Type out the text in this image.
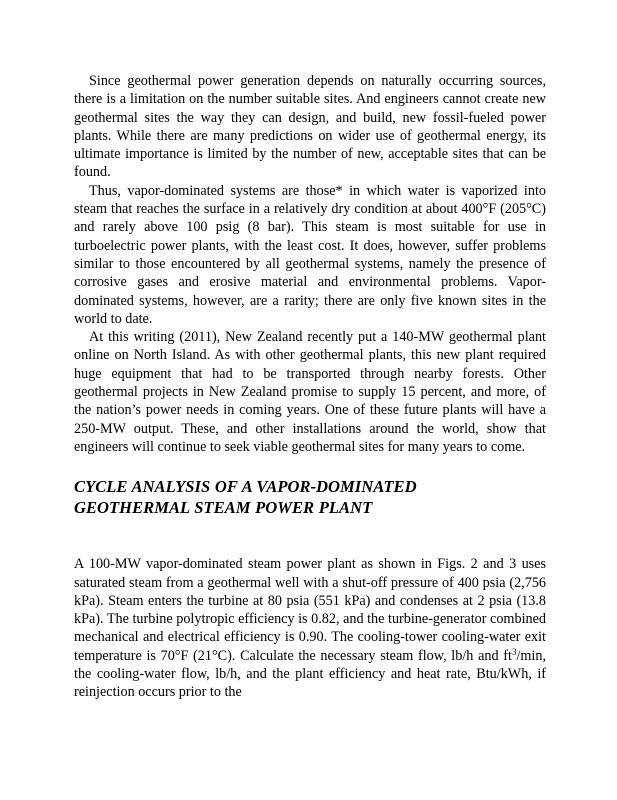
Since geothermal power generation depends on naturally occurring sources, there is a limitation on the number suitable sites. And engineers cannot create new geothermal sites the way they can design, and build, new fossil-fueled power plants. While there are many predictions on wider use of geothermal energy, its ultimate importance is limited by the number of new, acceptable sites that can be found.

Thus, vapor-dominated systems are those* in which water is vaporized into steam that reaches the surface in a relatively dry condition at about 400°F (205°C) and rarely above 100 psig (8 bar). This steam is most suitable for use in turboelectric power plants, with the least cost. It does, however, suffer problems similar to those encountered by all geothermal systems, namely the presence of corrosive gases and erosive material and environmental problems. Vapor-dominated systems, however, are a rarity; there are only five known sites in the world to date.

At this writing (2011), New Zealand recently put a 140-MW geothermal plant online on North Island. As with other geothermal plants, this new plant required huge equipment that had to be transported through nearby forests. Other geothermal projects in New Zealand promise to supply 15 percent, and more, of the nation’s power needs in coming years. One of these future plants will have a 250-MW output. These, and other installations around the world, show that engineers will continue to seek viable geothermal sites for many years to come.

CYCLE ANALYSIS OF A VAPOR-DOMINATED
GEOTHERMAL STEAM POWER PLANT

A 100-MW vapor-dominated steam power plant as shown in Figs. 2 and 3 uses saturated steam from a geothermal well with a shut-off pressure of 400 psia (2,756 kPa). Steam enters the turbine at 80 psia (551 kPa) and condenses at 2 psia (13.8 kPa). The turbine polytropic efficiency is 0.82, and the turbine-generator combined mechanical and electrical efficiency is 0.90. The cooling-tower cooling-water exit temperature is 70°F (21°C). Calculate the necessary steam flow, lb/h and $ft^3/\min$, the cooling-water flow, lb/h, and the plant efficiency and heat rate, Btu/kWh, if reinjection occurs prior to the
